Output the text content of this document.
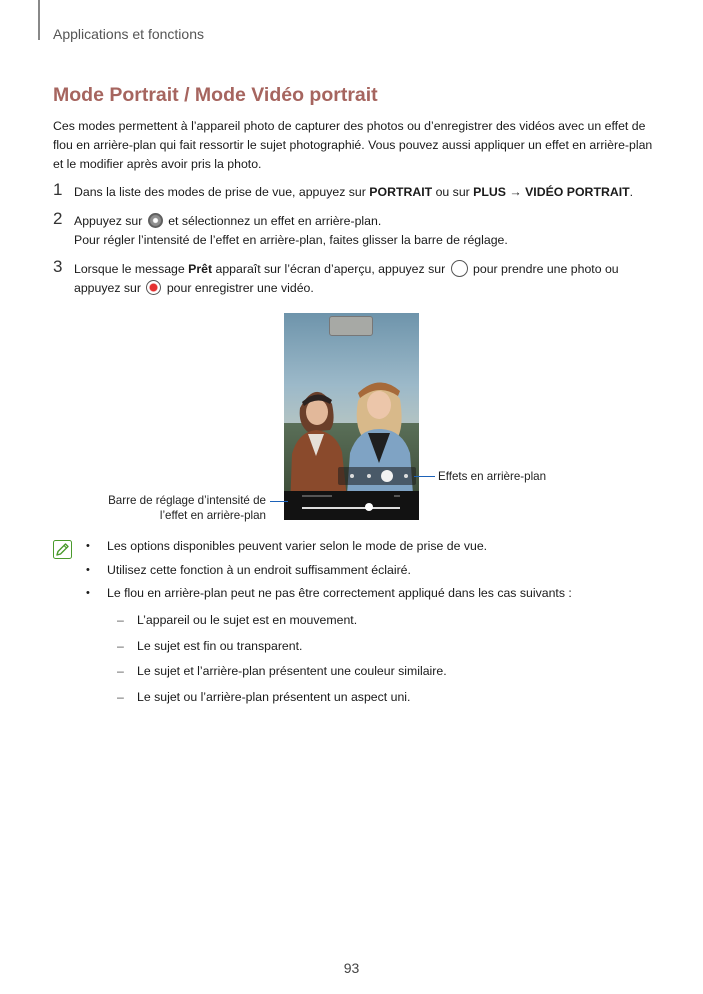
Applications et fonctions
Mode Portrait / Mode Vidéo portrait

Ces modes permettent à l’appareil photo de capturer des photos ou d’enregistrer des vidéos avec un effet de flou en arrière-plan qui fait ressortir le sujet photographié. Vous pouvez aussi appliquer un effet en arrière-plan et le modifier après avoir pris la photo.

1 Dans la liste des modes de prise de vue, appuyez sur PORTRAIT ou sur PLUS → VIDÉO PORTRAIT.
2 Appuyez sur  et sélectionnez un effet en arrière-plan.
Pour régler l’intensité de l’effet en arrière-plan, faites glisser la barre de réglage.
3 Lorsque le message Prêt apparaît sur l’écran d’aperçu, appuyez sur  pour prendre une photo ou
appuyez sur  pour enregistrer une vidéo.
Effets en arrière-plan
Barre de réglage d’intensité de
l’effet en arrière-plan
• Les options disponibles peuvent varier selon le mode de prise de vue.
• Utilisez cette fonction à un endroit suffisamment éclairé.
• Le flou en arrière-plan peut ne pas être correctement appliqué dans les cas suivants :
– L’appareil ou le sujet est en mouvement.
– Le sujet est fin ou transparent.
– Le sujet et l’arrière-plan présentent une couleur similaire.
– Le sujet ou l’arrière-plan présentent un aspect uni.
93
